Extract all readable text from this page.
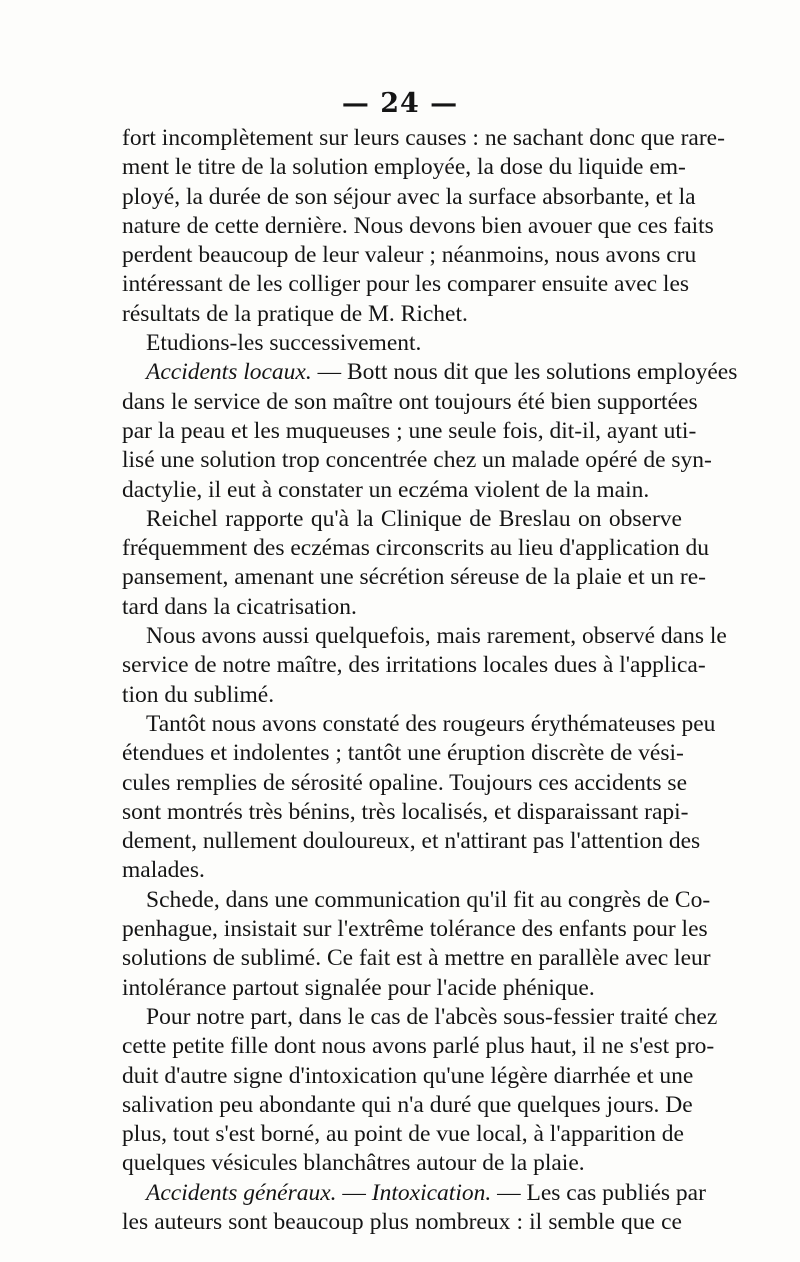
— 24 —
fort incomplètement sur leurs causes : ne sachant donc que rare-
ment le titre de la solution employée, la dose du liquide em-
ployé, la durée de son séjour avec la surface absorbante, et la
nature de cette dernière. Nous devons bien avouer que ces faits
perdent beaucoup de leur valeur ; néanmoins, nous avons cru
intéressant de les colliger pour les comparer ensuite avec les
résultats de la pratique de M. Richet.
Etudions-les successivement.
Accidents locaux. — Bott nous dit que les solutions employées
dans le service de son maître ont toujours été bien supportées
par la peau et les muqueuses ; une seule fois, dit-il, ayant uti-
lisé une solution trop concentrée chez un malade opéré de syn-
dactylie, il eut à constater un eczéma violent de la main.
Reichel rapporte qu'à la Clinique de Breslau on observe
fréquemment des eczémas circonscrits au lieu d'application du
pansement, amenant une sécrétion séreuse de la plaie et un re-
tard dans la cicatrisation.
Nous avons aussi quelquefois, mais rarement, observé dans le
service de notre maître, des irritations locales dues à l'applica-
tion du sublimé.
Tantôt nous avons constaté des rougeurs érythémateuses peu
étendues et indolentes ; tantôt une éruption discrète de vési-
cules remplies de sérosité opaline. Toujours ces accidents se
sont montrés très bénins, très localisés, et disparaissant rapi-
dement, nullement douloureux, et n'attirant pas l'attention des
malades.
Schede, dans une communication qu'il fit au congrès de Co-
penhague, insistait sur l'extrême tolérance des enfants pour les
solutions de sublimé. Ce fait est à mettre en parallèle avec leur
intolérance partout signalée pour l'acide phénique.
Pour notre part, dans le cas de l'abcès sous-fessier traité chez
cette petite fille dont nous avons parlé plus haut, il ne s'est pro-
duit d'autre signe d'intoxication qu'une légère diarrhée et une
salivation peu abondante qui n'a duré que quelques jours. De
plus, tout s'est borné, au point de vue local, à l'apparition de
quelques vésicules blanchâtres autour de la plaie.
Accidents généraux. — Intoxication. — Les cas publiés par
les auteurs sont beaucoup plus nombreux : il semble que ce
